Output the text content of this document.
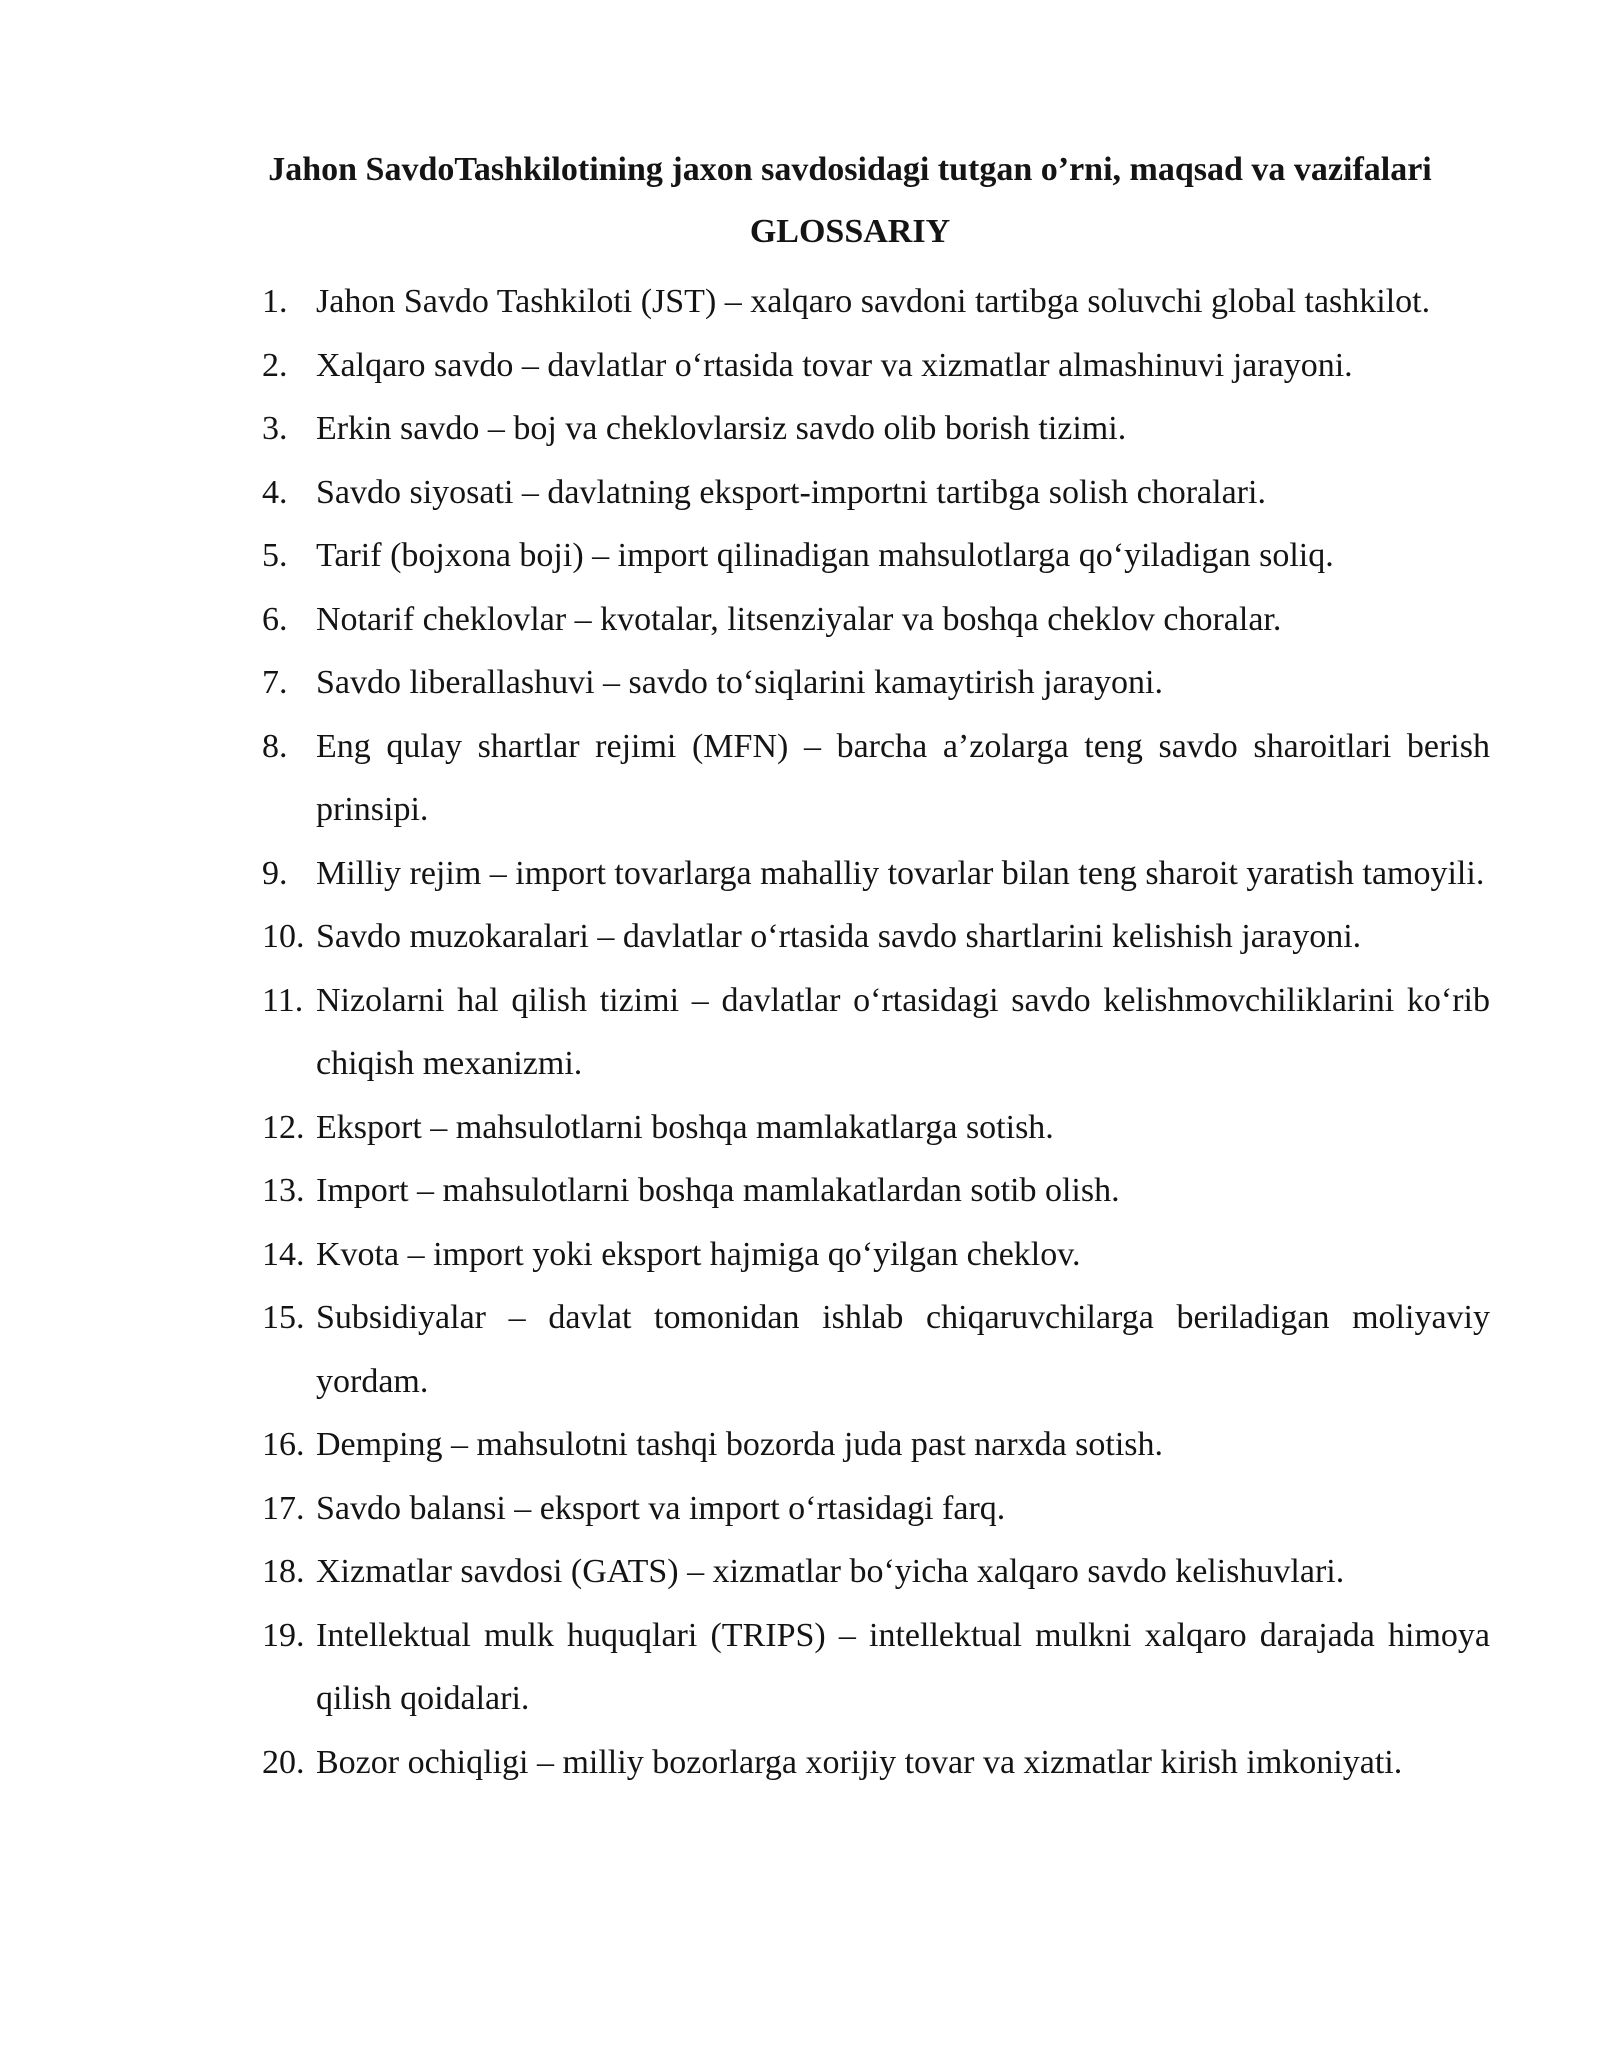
Jahon SavdoTashkilotining jaxon savdosidagi tutgan o’rni, maqsad va vazifalari
GLOSSARIY
1. Jahon Savdo Tashkiloti (JST) – xalqaro savdoni tartibga soluvchi global tashkilot.
2. Xalqaro savdo – davlatlar o‘rtasida tovar va xizmatlar almashinuvi jarayoni.
3. Erkin savdo – boj va cheklovlarsiz savdo olib borish tizimi.
4. Savdo siyosati – davlatning eksport-importni tartibga solish choralari.
5. Tarif (bojxona boji) – import qilinadigan mahsulotlarga qo‘yiladigan soliq.
6. Notarif cheklovlar – kvotalar, litsenziyalar va boshqa cheklov choralar.
7. Savdo liberallashuvi – savdo to‘siqlarini kamaytirish jarayoni.
8. Eng qulay shartlar rejimi (MFN) – barcha a’zolarga teng savdo sharoitlari berish prinsipi.
9. Milliy rejim – import tovarlarga mahalliy tovarlar bilan teng sharoit yaratish tamoyili.
10. Savdo muzokaralari – davlatlar o‘rtasida savdo shartlarini kelishish jarayoni.
11. Nizolarni hal qilish tizimi – davlatlar o‘rtasidagi savdo kelishmovchiliklarini ko‘rib chiqish mexanizmi.
12. Eksport – mahsulotlarni boshqa mamlakatlarga sotish.
13. Import – mahsulotlarni boshqa mamlakatlardan sotib olish.
14. Kvota – import yoki eksport hajmiga qo‘yilgan cheklov.
15. Subsidiyalar – davlat tomonidan ishlab chiqaruvchilarga beriladigan moliyaviy yordam.
16. Demping – mahsulotni tashqi bozorda juda past narxda sotish.
17. Savdo balansi – eksport va import o‘rtasidagi farq.
18. Xizmatlar savdosi (GATS) – xizmatlar bo‘yicha xalqaro savdo kelishuvlari.
19. Intellektual mulk huquqlari (TRIPS) – intellektual mulkni xalqaro darajada himoya qilish qoidalari.
20. Bozor ochiqligi – milliy bozorlarga xorijiy tovar va xizmatlar kirish imkoniyati.
